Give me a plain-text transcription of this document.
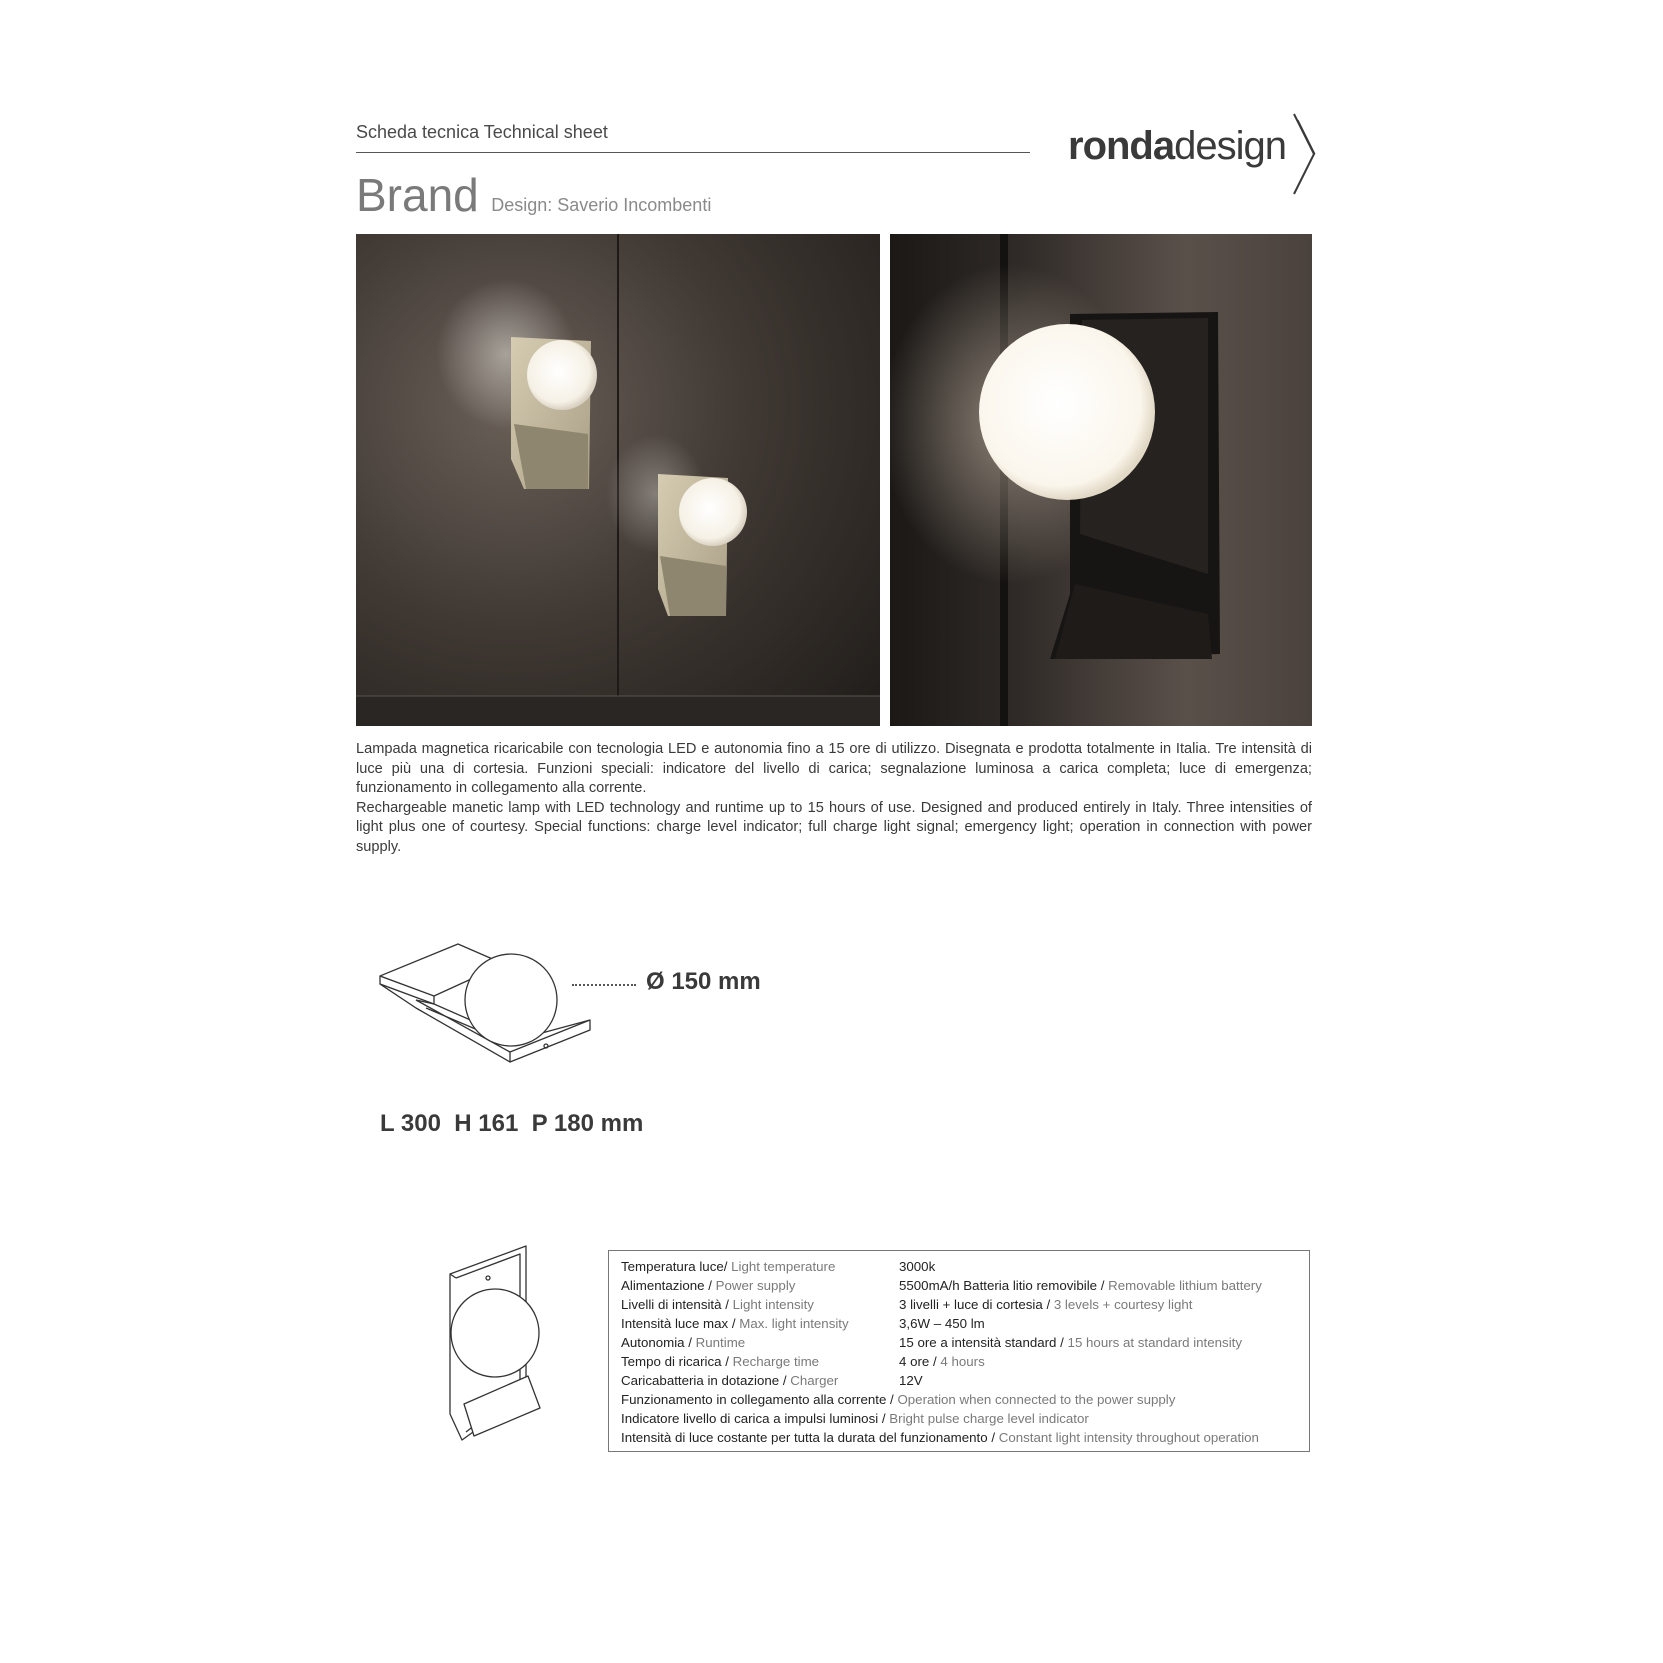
Scheda tecnica Technical sheet
Brand Design: Saverio Incombenti
rondadesign

Lampada magnetica ricaricabile con tecnologia LED e autonomia fino a 15 ore di utilizzo. Disegnata e prodotta totalmente in Italia. Tre intensità di luce più una di cortesia. Funzioni speciali: indicatore del livello di carica; segnalazione luminosa a carica completa; luce di emergenza; funzionamento in collegamento alla corrente.

Rechargeable manetic lamp with LED technology and runtime up to 15 hours of use. Designed and produced entirely in Italy. Three intensities of light plus one of courtesy. Special functions: charge level indicator; full charge light signal; emergency light; operation in connection with power supply.

Ø 150 mm
L 300  H 161  P 180 mm
Temperatura luce/ Light temperature	3000k
Alimentazione / Power supply	5500mA/h Batteria litio removibile / Removable lithium battery
Livelli di intensità / Light intensity	3 livelli + luce di cortesia / 3 levels + courtesy light
Intensità luce max / Max. light intensity	3,6W – 450 lm
Autonomia / Runtime	15 ore a intensità standard / 15 hours at standard intensity
Tempo di ricarica / Recharge time	4 ore / 4 hours
Caricabatteria in dotazione / Charger	12V
Funzionamento in collegamento alla corrente / Operation when connected to the power supply	
Indicatore livello di carica a impulsi luminosi / Bright pulse charge level indicator	
Intensità di luce costante per tutta la durata del funzionamento / Constant light intensity throughout operation	
